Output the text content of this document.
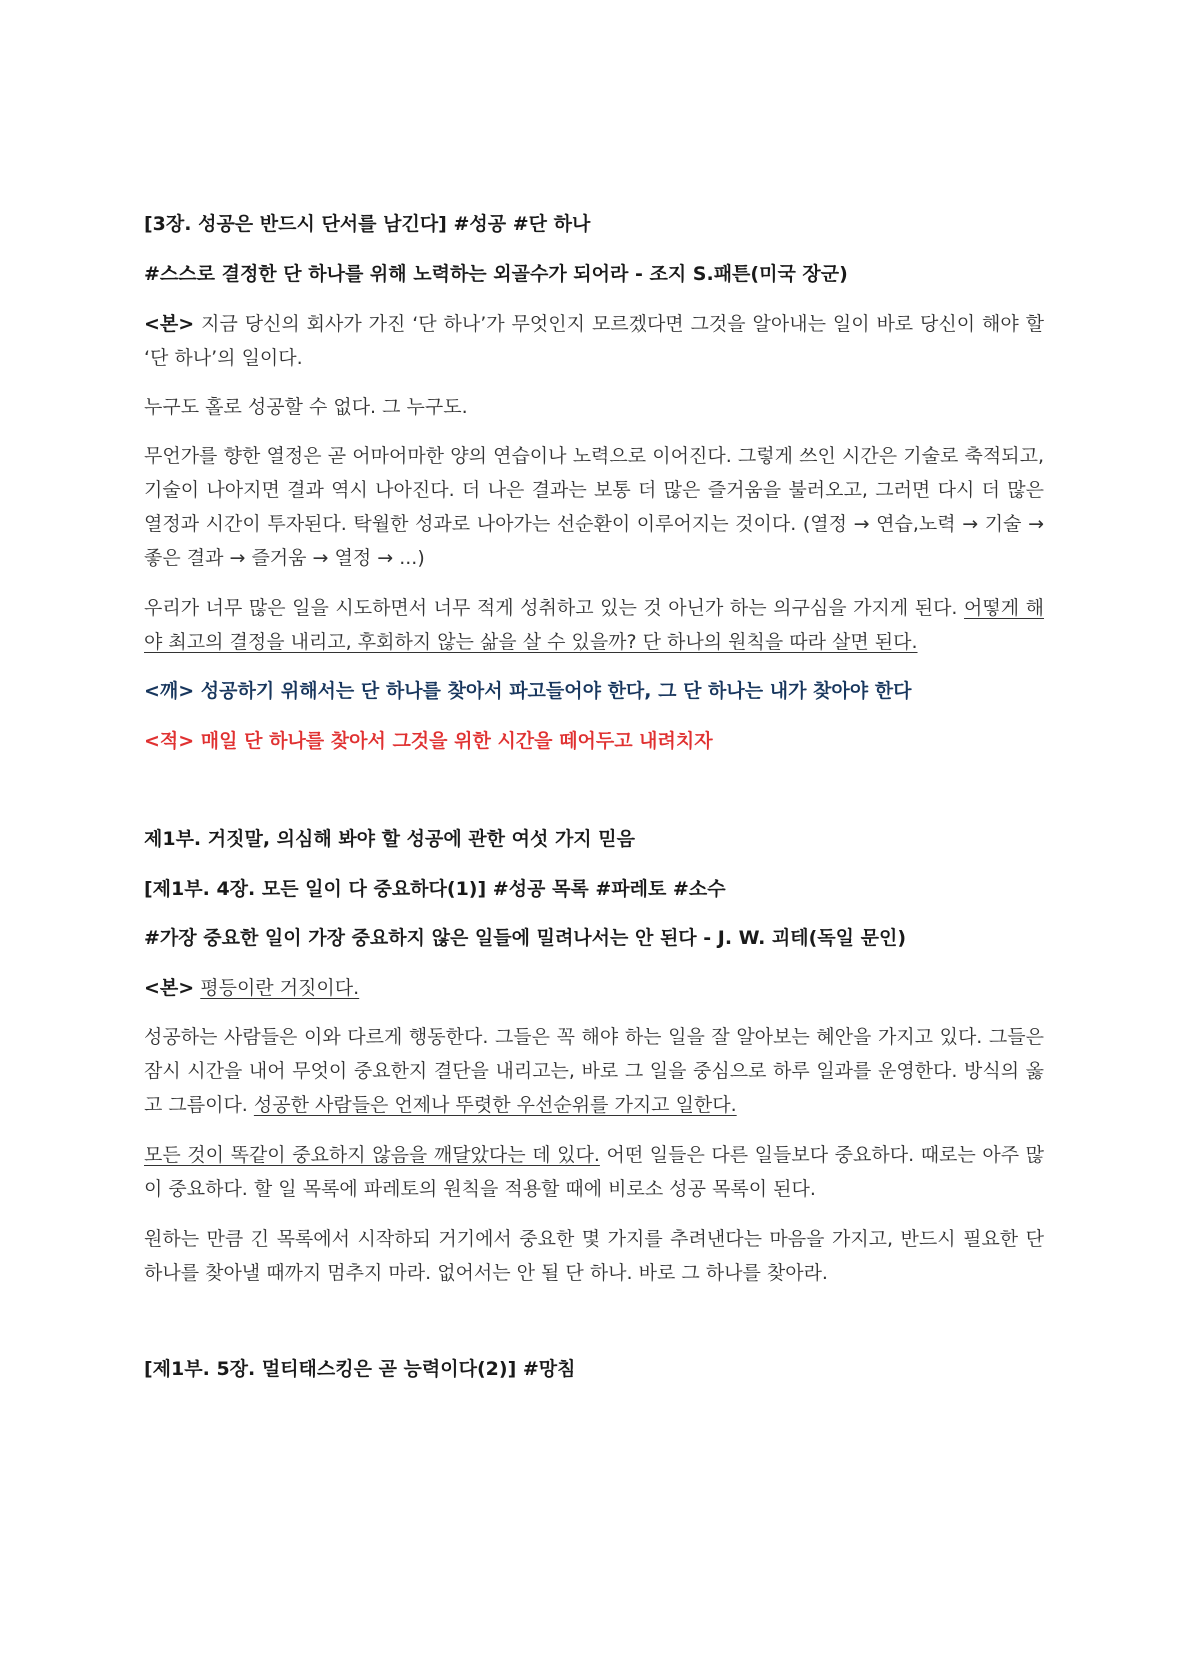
[3장. 성공은 반드시 단서를 남긴다] #성공 #단 하나

#스스로 결정한 단 하나를 위해 노력하는 외골수가 되어라 - 조지 S.패튼(미국 장군)

<본> 지금 당신의 회사가 가진 ‘단 하나’가 무엇인지 모르겠다면 그것을 알아내는 일이 바로 당신이 해야 할 ‘단 하나’의 일이다.

누구도 홀로 성공할 수 없다. 그 누구도.

무언가를 향한 열정은 곧 어마어마한 양의 연습이나 노력으로 이어진다. 그렇게 쓰인 시간은 기술로 축적되고, 기술이 나아지면 결과 역시 나아진다. 더 나은 결과는 보통 더 많은 즐거움을 불러오고, 그러면 다시 더 많은 열정과 시간이 투자된다. 탁월한 성과로 나아가는 선순환이 이루어지는 것이다. (열정 → 연습,노력 → 기술 → 좋은 결과 → 즐거움 → 열정 → ...)

우리가 너무 많은 일을 시도하면서 너무 적게 성취하고 있는 것 아닌가 하는 의구심을 가지게 된다. 어떻게 해야 최고의 결정을 내리고, 후회하지 않는 삶을 살 수 있을까? 단 하나의 원칙을 따라 살면 된다.

<깨> 성공하기 위해서는 단 하나를 찾아서 파고들어야 한다, 그 단 하나는 내가 찾아야 한다

<적> 매일 단 하나를 찾아서 그것을 위한 시간을 떼어두고 내려치자

제1부. 거짓말, 의심해 봐야 할 성공에 관한 여섯 가지 믿음

[제1부. 4장. 모든 일이 다 중요하다(1)] #성공 목록 #파레토 #소수

#가장 중요한 일이 가장 중요하지 않은 일들에 밀려나서는 안 된다 - J. W. 괴테(독일 문인)

<본> 평등이란 거짓이다.

성공하는 사람들은 이와 다르게 행동한다. 그들은 꼭 해야 하는 일을 잘 알아보는 혜안을 가지고 있다. 그들은 잠시 시간을 내어 무엇이 중요한지 결단을 내리고는, 바로 그 일을 중심으로 하루 일과를 운영한다. 방식의 옳고 그름이다. 성공한 사람들은 언제나 뚜렷한 우선순위를 가지고 일한다.

모든 것이 똑같이 중요하지 않음을 깨달았다는 데 있다. 어떤 일들은 다른 일들보다 중요하다. 때로는 아주 많이 중요하다. 할 일 목록에 파레토의 원칙을 적용할 때에 비로소 성공 목록이 된다.

원하는 만큼 긴 목록에서 시작하되 거기에서 중요한 몇 가지를 추려낸다는 마음을 가지고, 반드시 필요한 단 하나를 찾아낼 때까지 멈추지 마라. 없어서는 안 될 단 하나. 바로 그 하나를 찾아라.

[제1부. 5장. 멀티태스킹은 곧 능력이다(2)] #망침
